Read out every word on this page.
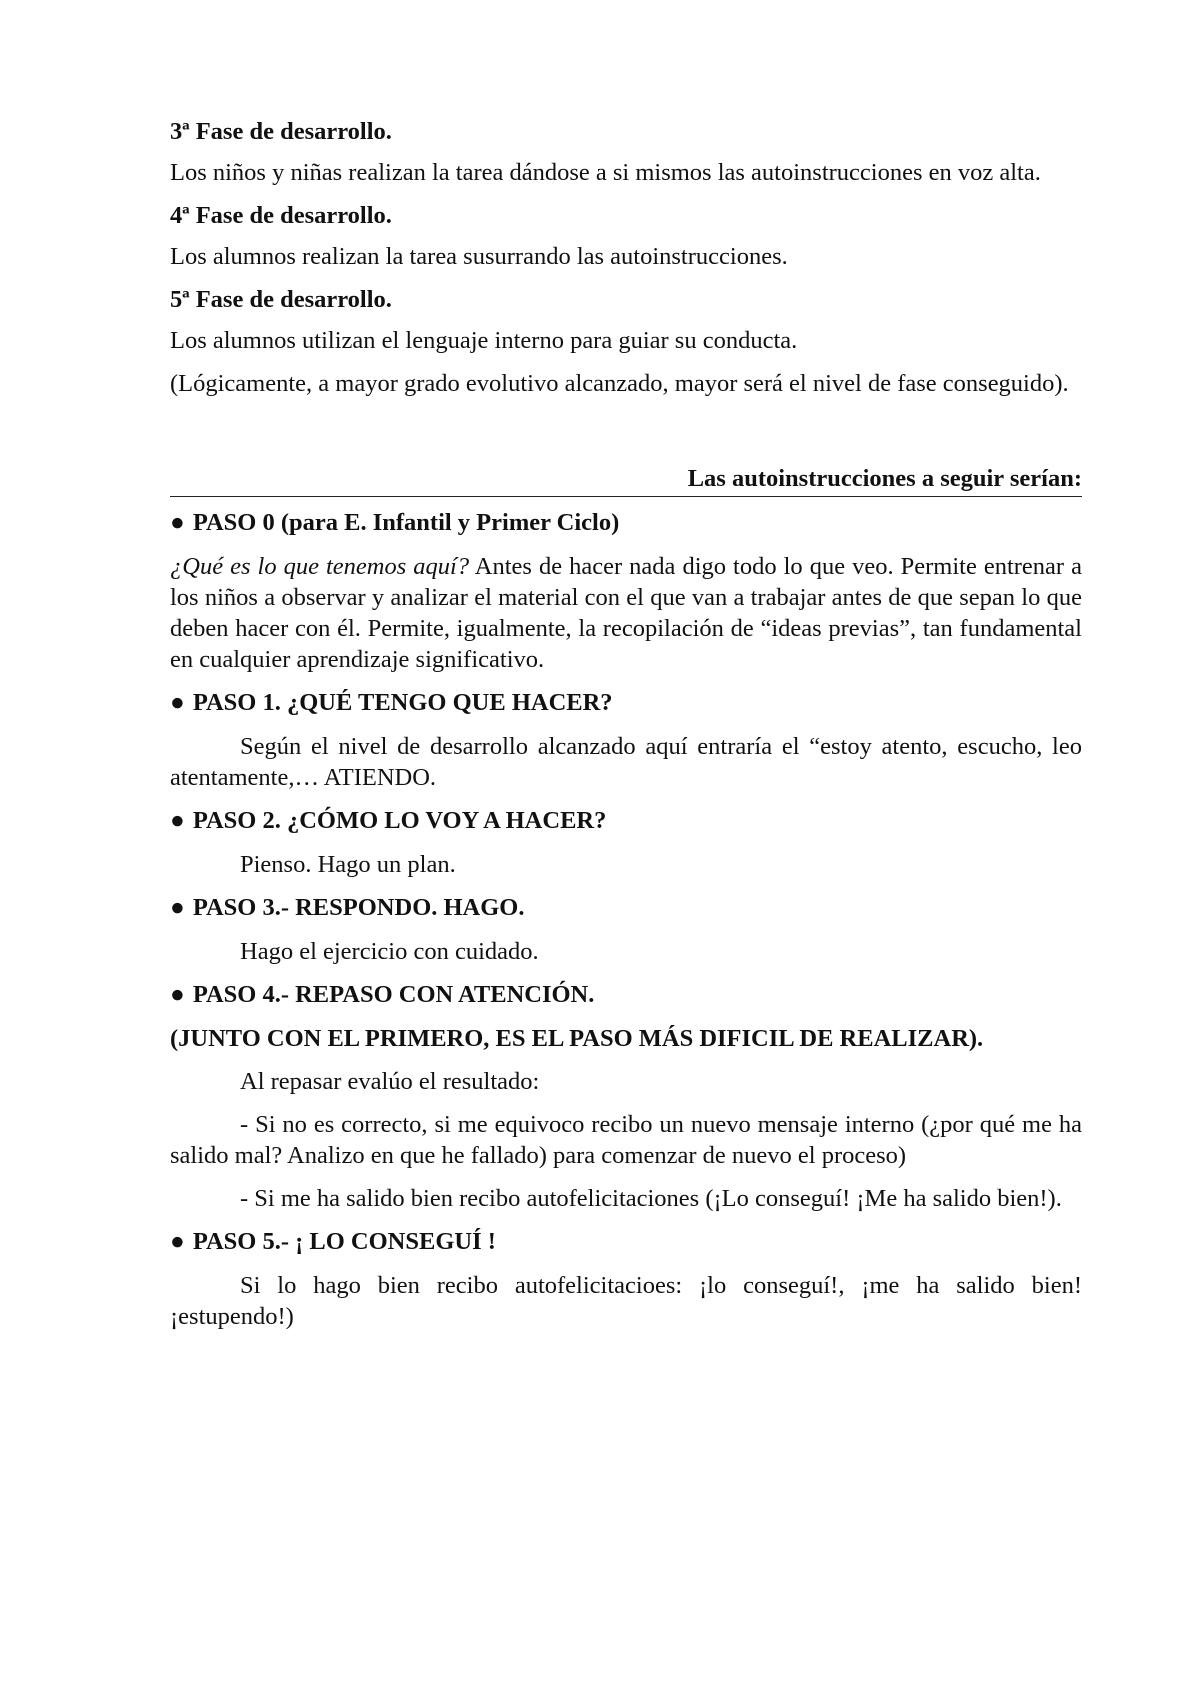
3ª Fase de desarrollo.

Los niños y niñas realizan la tarea dándose a si mismos las autoinstrucciones en voz alta.

4ª Fase de desarrollo.

Los alumnos realizan la tarea susurrando las autoinstrucciones.

5ª Fase de desarrollo.

Los alumnos utilizan el lenguaje interno para guiar su conducta.

(Lógicamente, a mayor grado evolutivo alcanzado, mayor será el nivel de fase conseguido).

Las autoinstrucciones a seguir serían:

● PASO 0 (para E. Infantil y Primer Ciclo)

¿Qué es lo que tenemos aquí? Antes de hacer nada digo todo lo que veo. Permite entrenar a los niños a observar y analizar el material con el que van a trabajar antes de que sepan lo que deben hacer con él. Permite, igualmente, la recopilación de “ideas previas”, tan fundamental en cualquier aprendizaje significativo.

● PASO 1. ¿QUÉ TENGO QUE HACER?

Según el nivel de desarrollo alcanzado aquí entraría el “estoy atento, escucho, leo atentamente,… ATIENDO.

● PASO 2. ¿CÓMO LO VOY A HACER?

Pienso. Hago un plan.

● PASO 3.- RESPONDO. HAGO.

Hago el ejercicio con cuidado.

● PASO 4.- REPASO CON ATENCIÓN.

(JUNTO CON EL PRIMERO, ES EL PASO MÁS DIFICIL DE REALIZAR).

Al repasar evalúo el resultado:

- Si no es correcto, si me equivoco recibo un nuevo mensaje interno (¿por qué me ha salido mal? Analizo en que he fallado) para comenzar de nuevo el proceso)

- Si me ha salido bien recibo autofelicitaciones (¡Lo conseguí! ¡Me ha salido bien!).

● PASO 5.- ¡ LO CONSEGUÍ !

Si lo hago bien recibo autofelicitacioes: ¡lo conseguí!, ¡me ha salido bien! ¡estupendo!)
